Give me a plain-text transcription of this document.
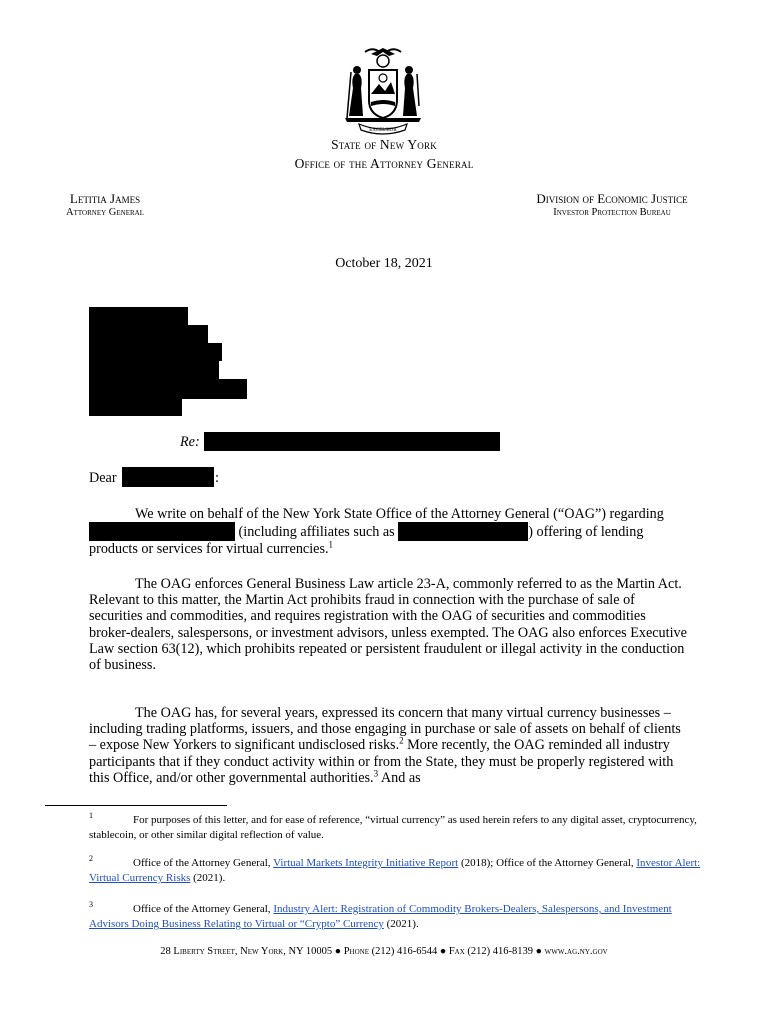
EXCELSIOR
State of New York
Office of the Attorney General
Letitia James
Attorney General
Division of Economic Justice
Investor Protection Bureau
October 18, 2021
Re:
Dear	:

We write on behalf of the New York State Office of the Attorney General (“OAG”) regarding  (including affiliates such as	) offering of lending products or services for virtual currencies.$^1$

The OAG enforces General Business Law article 23-A, commonly referred to as the Martin Act. Relevant to this matter, the Martin Act prohibits fraud in connection with the purchase of sale of securities and commodities, and requires registration with the OAG of securities and commodities broker-dealers, salespersons, or investment advisors, unless exempted. The OAG also enforces Executive Law section 63(12), which prohibits repeated or persistent fraudulent or illegal activity in the conduction of business.

The OAG has, for several years, expressed its concern that many virtual currency businesses – including trading platforms, issuers, and those engaging in purchase or sale of assets on behalf of clients – expose New Yorkers to significant undisclosed risks.$^2$ More recently, the OAG reminded all industry participants that if they conduct activity within or from the State, they must be properly registered with this Office, and/or other governmental authorities.$^3$ And as

1	For purposes of this letter, and for ease of reference, “virtual currency” as used herein refers to any digital asset, cryptocurrency, stablecoin, or other similar digital reflection of value.
2	Office of the Attorney General, Virtual Markets Integrity Initiative Report (2018); Office of the Attorney General, Investor Alert: Virtual Currency Risks (2021).
3	Office of the Attorney General, Industry Alert: Registration of Commodity Brokers-Dealers, Salespersons, and Investment Advisors Doing Business Relating to Virtual or “Crypto” Currency (2021).
28 Liberty Street, New York, NY 10005 ● Phone (212) 416-6544 ● Fax (212) 416-8139 ● www.ag.ny.gov
